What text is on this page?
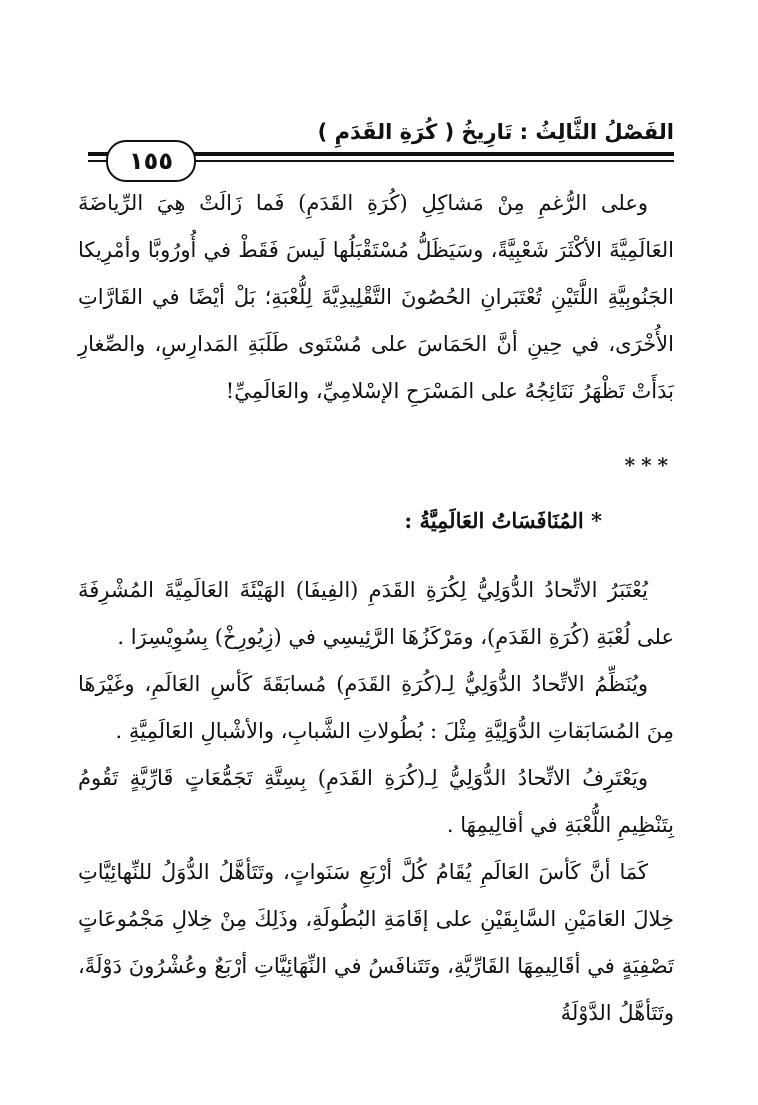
الفَصْلُ الثَّالِثُ : تَارِيخُ ( كُرَةِ القَدَمِ )
١٥٥

وعلى الرُّغمِ مِنْ مَشاكِلِ (كُرَةِ القَدَمِ) فَما زَالَتْ هِيَ الرِّياضَةَ العَالَمِيَّةَ الأكْثَرَ شَعْبِيَّةً، وسَيَظَلُّ مُسْتَقْبَلُها لَيسَ فَقَطْ في أُورُوبَّا وأمْرِيكا الجَنُوبِيَّةِ اللَّتَيْنِ تُعْتَبَرانِ الحُصُونَ التَّقْلِيدِيَّةَ لِلُّعْبَةِ؛ بَلْ أيْضًا في القَارَّاتِ الأُخْرَى، في حِينِ أنَّ الحَمَاسَ على مُسْتَوى طَلَبَةِ المَدارِسِ، والصِّغارِ بَدَأَتْ تَظْهَرُ نَتَائِجُهُ على المَسْرَحِ الإسْلامِيِّ، والعَالَمِيِّ!

***
* المُنَافَسَاتُ العَالَمِيَّةُ :

يُعْتَبَرُ الاتِّحادُ الدُّوَلِيُّ لِكُرَةِ القَدَمِ (الفِيفَا) الهَيْئَةَ العَالَمِيَّةَ المُشْرِفَةَ على لُعْبَةِ (كُرَةِ القَدَمِ)، ومَرْكَزُهَا الرَّئِيسِي في (زِيُورِخْ) بِسُوِيْسِرَا .

ويُنَظِّمُ الاتِّحادُ الدُّوَلِيُّ لِـ(كُرَةِ القَدَمِ) مُسابَقَةَ كَأسِ العَالَمِ، وغَيْرَهَا مِنَ المُسَابَقاتِ الدُّوَلِيَّةِ مِثْلَ : بُطُولاتِ الشَّبابِ، والأشْبالِ العَالَمِيَّةِ .

ويَعْتَرِفُ الاتِّحادُ الدُّوَلِيُّ لِـ(كُرَةِ القَدَمِ) بِسِتَّةِ تَجَمُّعَاتٍ قَارِّيَّةٍ تَقُومُ بِتَنْظِيمِ اللُّعْبَةِ في أقالِيمِهَا .

كَمَا أنَّ كَأسَ العَالَمِ يُقَامُ كُلَّ أرْبَعِ سَنَواتٍ، وتَتَأهَّلُ الدُّوَلُ للنِّهائِيَّاتِ خِلالَ العَامَيْنِ السَّابِقَيْنِ على إقَامَةِ البُطُولَةِ، وذَلِكَ مِنْ خِلالِ مَجْمُوعَاتٍ تَصْفِيَةٍ في أقَالِيمِهَا القَارِّيَّةِ، وتَتَنافَسُ في النِّهَائِيَّاتِ أرْبَعٌ وعُشْرُونَ دَوْلَةً، وتَتَأهَّلُ الدَّوْلَةُ
